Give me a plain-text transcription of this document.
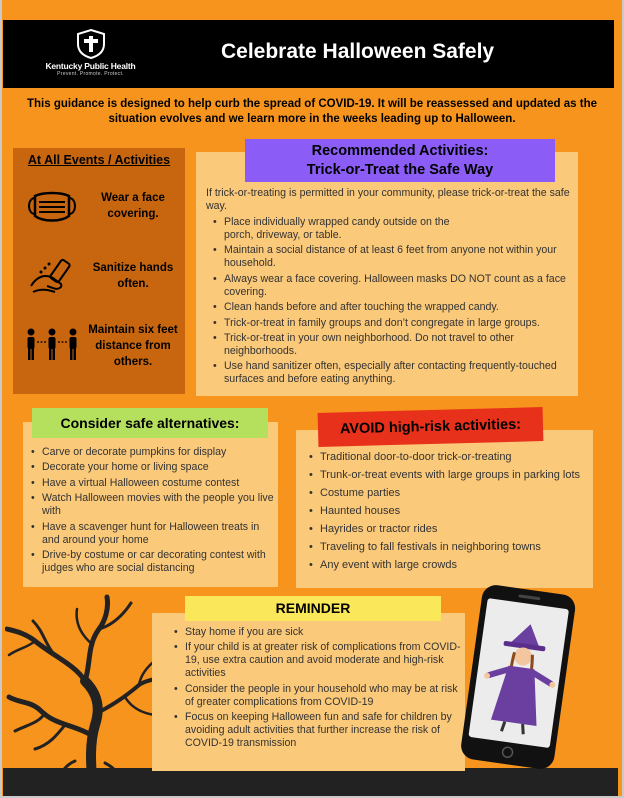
Kentucky Public Health
Prevent. Promote. Protect.
Celebrate Halloween Safely
This guidance is designed to help curb the spread of COVID-19. It will be reassessed and updated as the situation evolves and we learn more in the weeks leading up to Halloween.
At All Events / Activities
Wear a face covering.
Sanitize hands often.
Maintain six feet distance from others.
Recommended Activities:
Trick-or-Treat the Safe Way
If trick-or-treating is permitted in your community, please trick-or-treat the safe way.
• Place individually wrapped candy outside on the porch, driveway, or table.
• Maintain a social distance of at least 6 feet from anyone not within your household.
• Always wear a face covering. Halloween masks DO NOT count as a face covering.
• Clean hands before and after touching the wrapped candy.
• Trick-or-treat in family groups and don’t congregate in large groups.
• Trick-or-treat in your own neighborhood. Do not travel to other neighborhoods.
• Use hand sanitizer often, especially after contacting frequently-touched surfaces and before eating anything.
Consider safe alternatives:
• Carve or decorate pumpkins for display
• Decorate your home or living space
• Have a virtual Halloween costume contest
• Watch Halloween movies with the people you live with
• Have a scavenger hunt for Halloween treats in and around your home
• Drive-by costume or car decorating contest with judges who are social distancing
AVOID high-risk activities:
• Traditional door-to-door trick-or-treating
• Trunk-or-treat events with large groups in parking lots
• Costume parties
• Haunted houses
• Hayrides or tractor rides
• Traveling to fall festivals in neighboring towns
• Any event with large crowds
REMINDER
• Stay home if you are sick
• If your child is at greater risk of complications from COVID-19, use extra caution and avoid moderate and high-risk activities
• Consider the people in your household who may be at risk of greater complications from COVID-19
• Focus on keeping Halloween fun and safe for children by avoiding adult activities that further increase the risk of COVID-19 transmission
